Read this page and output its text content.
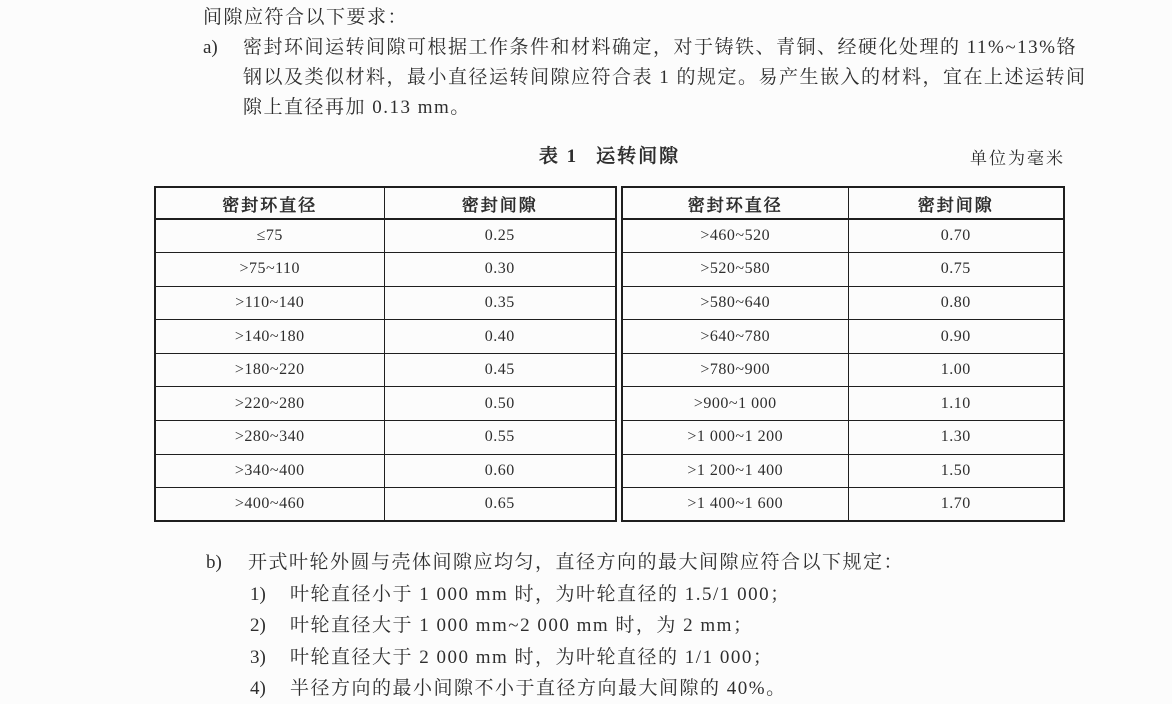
间隙应符合以下要求：
a) 密封环间运转间隙可根据工作条件和材料确定，对于铸铁、青铜、经硬化处理的 11%~13%铬
钢以及类似材料，最小直径运转间隙应符合表 1 的规定。易产生嵌入的材料，宜在上述运转间
隙上直径再加 0.13 mm。
表 1 运转间隙	单位为毫米
密封环直径	密封间隙
≤75	0.25
>75~110	0.30
>110~140	0.35
>140~180	0.40
>180~220	0.45
>220~280	0.50
>280~340	0.55
>340~400	0.60
>400~460	0.65
密封环直径	密封间隙
>460~520	0.70
>520~580	0.75
>580~640	0.80
>640~780	0.90
>780~900	1.00
>900~1 000	1.10
>1 000~1 200	1.30
>1 200~1 400	1.50
>1 400~1 600	1.70
b) 开式叶轮外圆与壳体间隙应均匀，直径方向的最大间隙应符合以下规定：
1) 叶轮直径小于 1 000 mm 时，为叶轮直径的 1.5/1 000；
2) 叶轮直径大于 1 000 mm~2 000 mm 时，为 2 mm；
3) 叶轮直径大于 2 000 mm 时，为叶轮直径的 1/1 000；
4) 半径方向的最小间隙不小于直径方向最大间隙的 40%。
